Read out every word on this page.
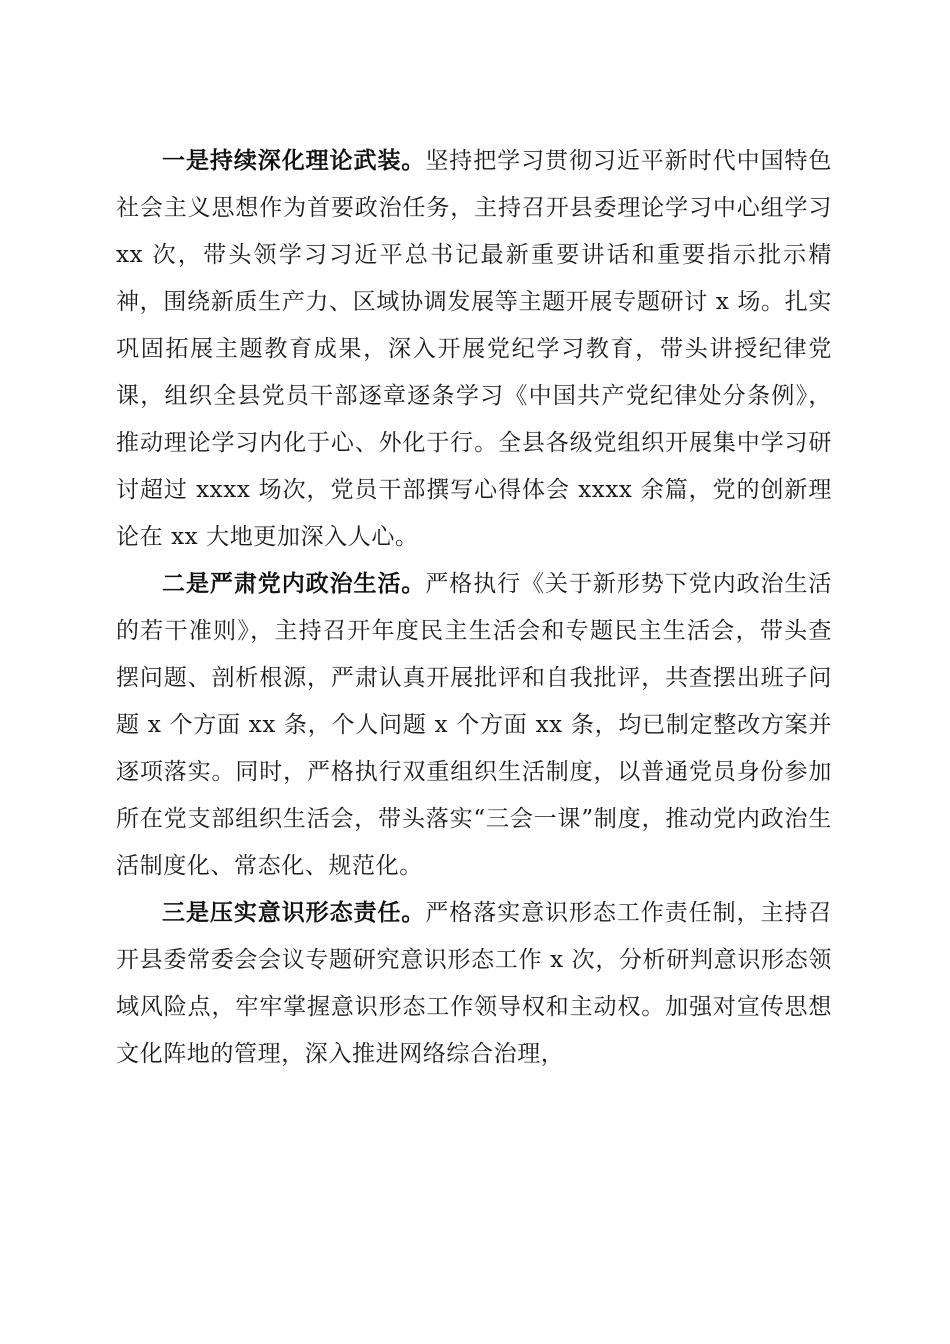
一是持续深化理论武装。坚持把学习贯彻习近平新时代中国特色社会主义思想作为首要政治任务，主持召开县委理论学习中心组学习 xx 次，带头领学习习近平总书记最新重要讲话和重要指示批示精神，围绕新质生产力、区域协调发展等主题开展专题研讨 x 场。扎实巩固拓展主题教育成果，深入开展党纪学习教育，带头讲授纪律党课，组织全县党员干部逐章逐条学习《中国共产党纪律处分条例》，推动理论学习内化于心、外化于行。全县各级党组织开展集中学习研讨超过 xxxx 场次，党员干部撰写心得体会 xxxx 余篇，党的创新理论在 xx 大地更加深入人心。

二是严肃党内政治生活。严格执行《关于新形势下党内政治生活的若干准则》，主持召开年度民主生活会和专题民主生活会，带头查摆问题、剖析根源，严肃认真开展批评和自我批评，共查摆出班子问题 x 个方面 xx 条，个人问题 x 个方面 xx 条，均已制定整改方案并逐项落实。同时，严格执行双重组织生活制度，以普通党员身份参加所在党支部组织生活会，带头落实“三会一课”制度，推动党内政治生活制度化、常态化、规范化。

三是压实意识形态责任。严格落实意识形态工作责任制，主持召开县委常委会会议专题研究意识形态工作 x 次，分析研判意识形态领域风险点，牢牢掌握意识形态工作领导权和主动权。加强对宣传思想文化阵地的管理，深入推进网络综合治理，
